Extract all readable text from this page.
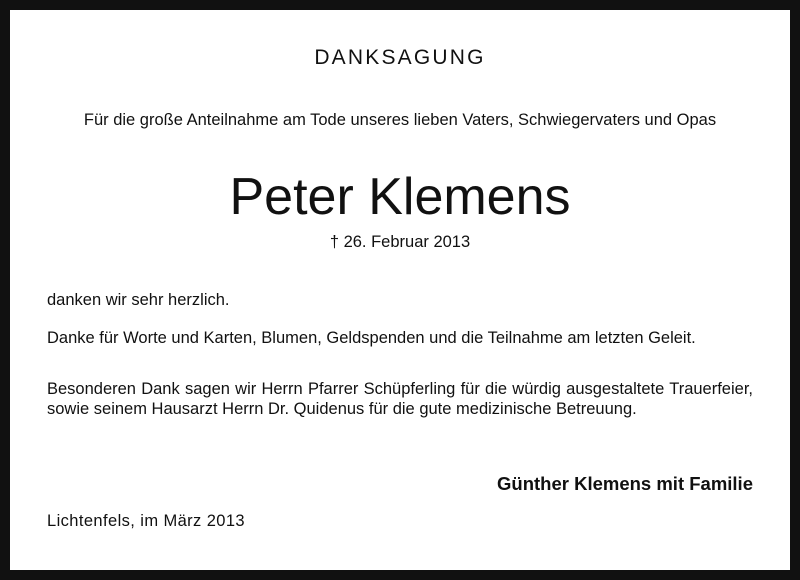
DANKSAGUNG
Für die große Anteilnahme am Tode unseres lieben Vaters, Schwiegervaters und Opas
Peter Klemens
† 26. Februar 2013
danken wir sehr herzlich.
Danke für Worte und Karten, Blumen, Geldspenden und die Teilnahme am letzten Geleit.
Besonderen Dank sagen wir Herrn Pfarrer Schüpferling für die würdig ausgestaltete Trauerfeier, sowie seinem Hausarzt Herrn Dr. Quidenus für die gute medizinische Betreuung.
Günther Klemens mit Familie
Lichtenfels, im März 2013
